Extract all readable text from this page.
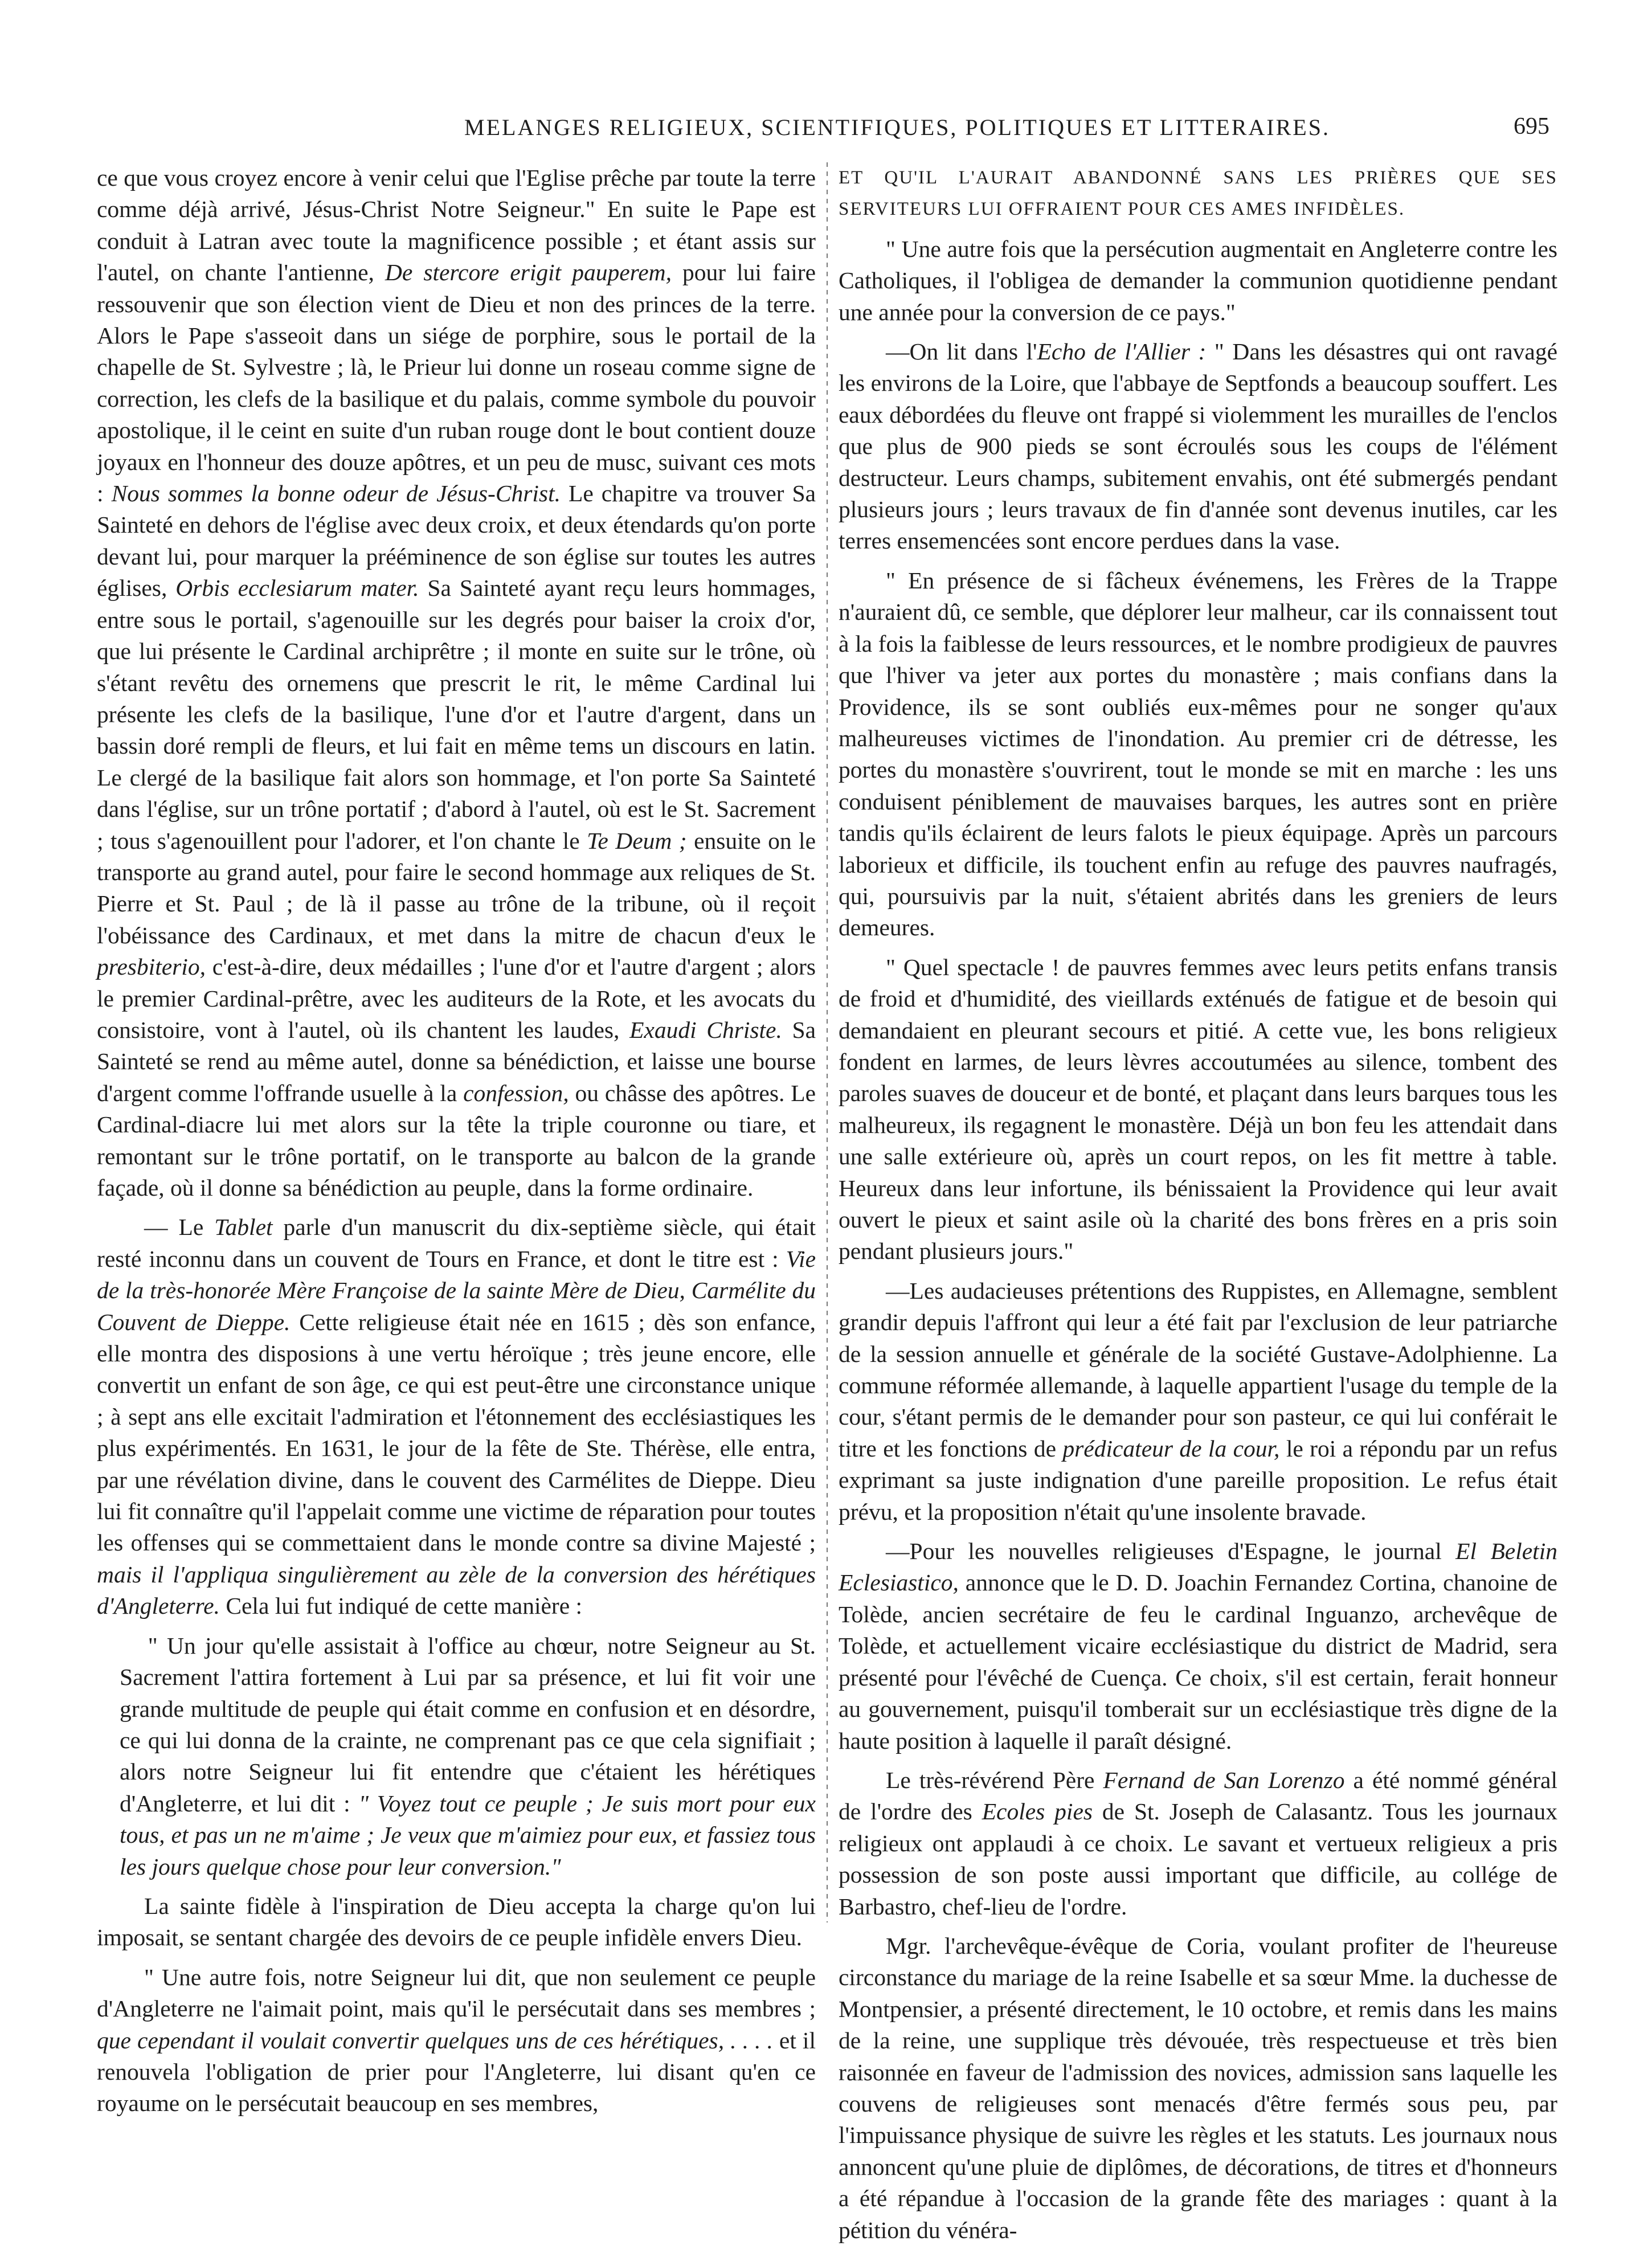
MELANGES RELIGIEUX, SCIENTIFIQUES, POLITIQUES ET LITTERAIRES.	695

ce que vous croyez encore à venir celui que l'Eglise prêche par toute la terre comme déjà arrivé, Jésus-Christ Notre Seigneur." En suite le Pape est conduit à Latran avec toute la magnificence possible ; et étant assis sur l'autel, on chante l'antienne, De stercore erigit pauperem, pour lui faire ressouvenir que son élection vient de Dieu et non des princes de la terre. Alors le Pape s'asseoit dans un siége de porphire, sous le portail de la chapelle de St. Sylvestre ; là, le Prieur lui donne un roseau comme signe de correction, les clefs de la basilique et du palais, comme symbole du pouvoir apostolique, il le ceint en suite d'un ruban rouge dont le bout contient douze joyaux en l'honneur des douze apôtres, et un peu de musc, suivant ces mots : Nous sommes la bonne odeur de Jésus-Christ. Le chapitre va trouver Sa Sainteté en dehors de l'église avec deux croix, et deux étendards qu'on porte devant lui, pour marquer la prééminence de son église sur toutes les autres églises, Orbis ecclesiarum mater. Sa Sainteté ayant reçu leurs hommages, entre sous le portail, s'agenouille sur les degrés pour baiser la croix d'or, que lui présente le Cardinal archiprêtre ; il monte en suite sur le trône, où s'étant revêtu des ornemens que prescrit le rit, le même Cardinal lui présente les clefs de la basilique, l'une d'or et l'autre d'argent, dans un bassin doré rempli de fleurs, et lui fait en même tems un discours en latin. Le clergé de la basilique fait alors son hommage, et l'on porte Sa Sainteté dans l'église, sur un trône portatif ; d'abord à l'autel, où est le St. Sacrement ; tous s'agenouillent pour l'adorer, et l'on chante le Te Deum ; ensuite on le transporte au grand autel, pour faire le second hommage aux reliques de St. Pierre et St. Paul ; de là il passe au trône de la tribune, où il reçoit l'obéissance des Cardinaux, et met dans la mitre de chacun d'eux le presbiterio, c'est-à-dire, deux médailles ; l'une d'or et l'autre d'argent ; alors le premier Cardinal-prêtre, avec les auditeurs de la Rote, et les avocats du consistoire, vont à l'autel, où ils chantent les laudes, Exaudi Christe. Sa Sainteté se rend au même autel, donne sa bénédiction, et laisse une bourse d'argent comme l'offrande usuelle à la confession, ou châsse des apôtres. Le Cardinal-diacre lui met alors sur la tête la triple couronne ou tiare, et remontant sur le trône portatif, on le transporte au balcon de la grande façade, où il donne sa bénédiction au peuple, dans la forme ordinaire.

— Le Tablet parle d'un manuscrit du dix-septième siècle, qui était resté inconnu dans un couvent de Tours en France, et dont le titre est : Vie de la très-honorée Mère Françoise de la sainte Mère de Dieu, Carmélite du Couvent de Dieppe. Cette religieuse était née en 1615 ; dès son enfance, elle montra des disposions à une vertu héroïque ; très jeune encore, elle convertit un enfant de son âge, ce qui est peut-être une circonstance unique ; à sept ans elle excitait l'admiration et l'étonnement des ecclésiastiques les plus expérimentés. En 1631, le jour de la fête de Ste. Thérèse, elle entra, par une révélation divine, dans le couvent des Carmélites de Dieppe. Dieu lui fit connaître qu'il l'appelait comme une victime de réparation pour toutes les offenses qui se commettaient dans le monde contre sa divine Majesté ; mais il l'appliqua singulièrement au zèle de la conversion des hérétiques d'Angleterre. Cela lui fut indiqué de cette manière :

" Un jour qu'elle assistait à l'office au chœur, notre Seigneur au St. Sacrement l'attira fortement à Lui par sa présence, et lui fit voir une grande multitude de peuple qui était comme en confusion et en désordre, ce qui lui donna de la crainte, ne comprenant pas ce que cela signifiait ; alors notre Seigneur lui fit entendre que c'étaient les hérétiques d'Angleterre, et lui dit : " Voyez tout ce peuple ; Je suis mort pour eux tous, et pas un ne m'aime ; Je veux que m'aimiez pour eux, et fassiez tous les jours quelque chose pour leur conversion."

La sainte fidèle à l'inspiration de Dieu accepta la charge qu'on lui imposait, se sentant chargée des devoirs de ce peuple infidèle envers Dieu.

" Une autre fois, notre Seigneur lui dit, que non seulement ce peuple d'Angleterre ne l'aimait point, mais qu'il le persécutait dans ses membres ; que cependant il voulait convertir quelques uns de ces hérétiques, . . . . et il renouvela l'obligation de prier pour l'Angleterre, lui disant qu'en ce royaume on le persécutait beaucoup en ses membres,

ET QU'IL L'AURAIT ABANDONNÉ SANS LES PRIÈRES QUE SES SERVITEURS LUI OFFRAIENT POUR CES AMES INFIDÈLES.

" Une autre fois que la persécution augmentait en Angleterre contre les Catholiques, il l'obligea de demander la communion quotidienne pendant une année pour la conversion de ce pays."

—On lit dans l'Echo de l'Allier : " Dans les désastres qui ont ravagé les environs de la Loire, que l'abbaye de Septfonds a beaucoup souffert. Les eaux débordées du fleuve ont frappé si violemment les murailles de l'enclos que plus de 900 pieds se sont écroulés sous les coups de l'élément destructeur. Leurs champs, subitement envahis, ont été submergés pendant plusieurs jours ; leurs travaux de fin d'année sont devenus inutiles, car les terres ensemencées sont encore perdues dans la vase.

" En présence de si fâcheux événemens, les Frères de la Trappe n'auraient dû, ce semble, que déplorer leur malheur, car ils connaissent tout à la fois la faiblesse de leurs ressources, et le nombre prodigieux de pauvres que l'hiver va jeter aux portes du monastère ; mais confians dans la Providence, ils se sont oubliés eux-mêmes pour ne songer qu'aux malheureuses victimes de l'inondation. Au premier cri de détresse, les portes du monastère s'ouvrirent, tout le monde se mit en marche : les uns conduisent péniblement de mauvaises barques, les autres sont en prière tandis qu'ils éclairent de leurs falots le pieux équipage. Après un parcours laborieux et difficile, ils touchent enfin au refuge des pauvres naufragés, qui, poursuivis par la nuit, s'étaient abrités dans les greniers de leurs demeures.

" Quel spectacle ! de pauvres femmes avec leurs petits enfans transis de froid et d'humidité, des vieillards exténués de fatigue et de besoin qui demandaient en pleurant secours et pitié. A cette vue, les bons religieux fondent en larmes, de leurs lèvres accoutumées au silence, tombent des paroles suaves de douceur et de bonté, et plaçant dans leurs barques tous les malheureux, ils regagnent le monastère. Déjà un bon feu les attendait dans une salle extérieure où, après un court repos, on les fit mettre à table. Heureux dans leur infortune, ils bénissaient la Providence qui leur avait ouvert le pieux et saint asile où la charité des bons frères en a pris soin pendant plusieurs jours."

—Les audacieuses prétentions des Ruppistes, en Allemagne, semblent grandir depuis l'affront qui leur a été fait par l'exclusion de leur patriarche de la session annuelle et générale de la société Gustave-Adolphienne. La commune réformée allemande, à laquelle appartient l'usage du temple de la cour, s'étant permis de le demander pour son pasteur, ce qui lui conférait le titre et les fonctions de prédicateur de la cour, le roi a répondu par un refus exprimant sa juste indignation d'une pareille proposition. Le refus était prévu, et la proposition n'était qu'une insolente bravade.

—Pour les nouvelles religieuses d'Espagne, le journal El Beletin Eclesiastico, annonce que le D. D. Joachin Fernandez Cortina, chanoine de Tolède, ancien secrétaire de feu le cardinal Inguanzo, archevêque de Tolède, et actuellement vicaire ecclésiastique du district de Madrid, sera présenté pour l'évêché de Cuença. Ce choix, s'il est certain, ferait honneur au gouvernement, puisqu'il tomberait sur un ecclésiastique très digne de la haute position à laquelle il paraît désigné.

Le très-révérend Père Fernand de San Lorenzo a été nommé général de l'ordre des Ecoles pies de St. Joseph de Calasantz. Tous les journaux religieux ont applaudi à ce choix. Le savant et vertueux religieux a pris possession de son poste aussi important que difficile, au collége de Barbastro, chef-lieu de l'ordre.

Mgr. l'archevêque-évêque de Coria, voulant profiter de l'heureuse circonstance du mariage de la reine Isabelle et sa sœur Mme. la duchesse de Montpensier, a présenté directement, le 10 octobre, et remis dans les mains de la reine, une supplique très dévouée, très respectueuse et très bien raisonnée en faveur de l'admission des novices, admission sans laquelle les couvens de religieuses sont menacés d'être fermés sous peu, par l'impuissance physique de suivre les règles et les statuts. Les journaux nous annoncent qu'une pluie de diplômes, de décorations, de titres et d'honneurs a été répandue à l'occasion de la grande fête des mariages : quant à la pétition du vénéra-
